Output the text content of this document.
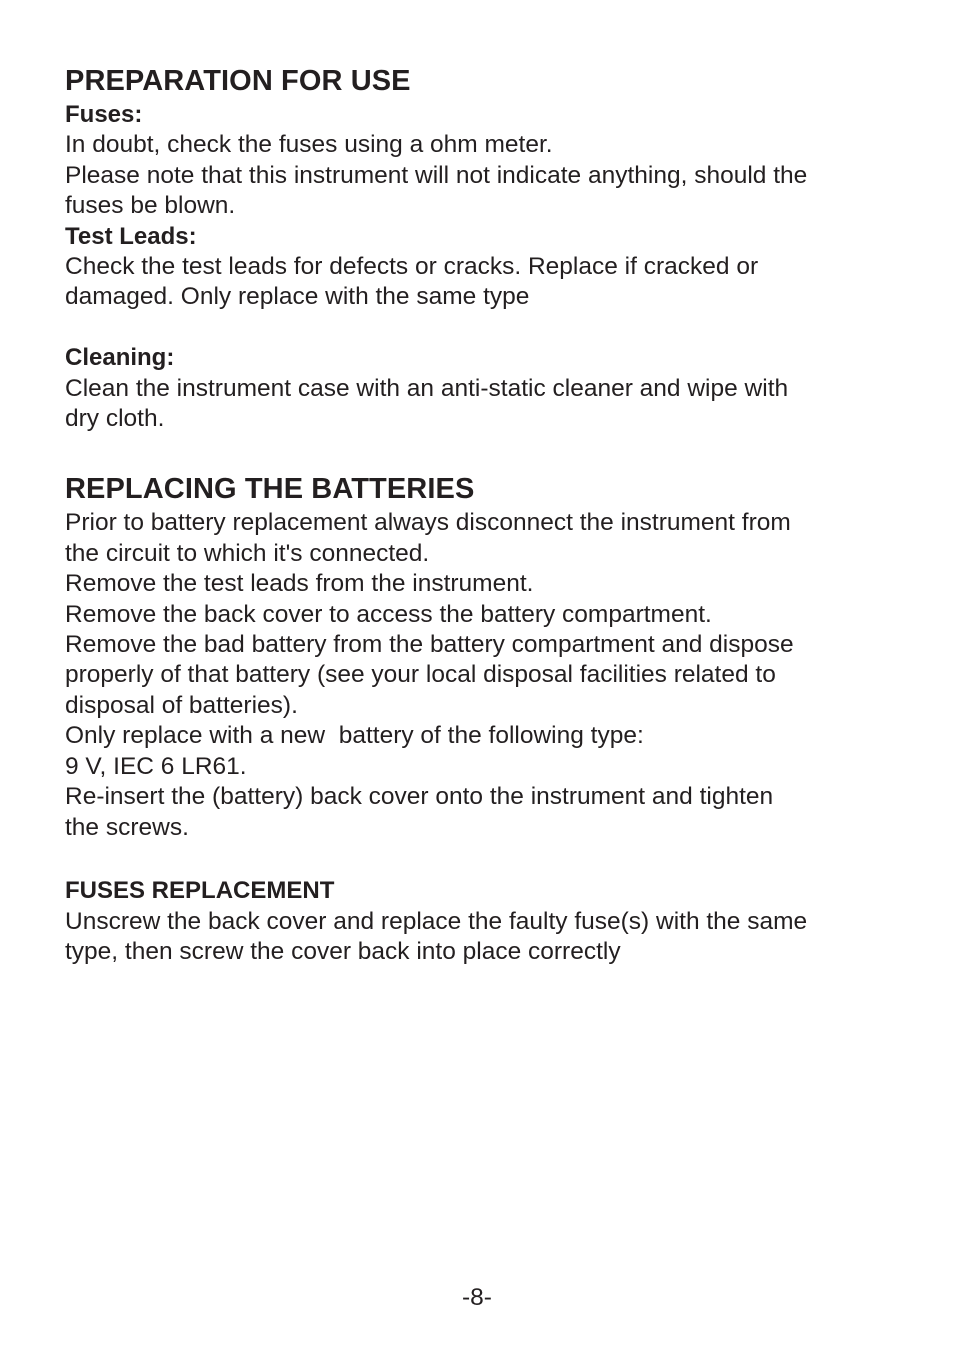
PREPARATION FOR USE
Fuses:

In doubt, check the fuses using a ohm meter.

Please note that this instrument will not indicate anything, should the

fuses be blown.

Test Leads:

Check the test leads for defects or cracks. Replace if cracked or

damaged. Only replace with the same type

Cleaning:

Clean the instrument case with an anti-static cleaner and wipe with

dry cloth.

REPLACING THE BATTERIES

Prior to battery replacement always disconnect the instrument from

the circuit to which it's connected.

Remove the test leads from the instrument.

Remove the back cover to access the battery compartment.

Remove the bad battery from the battery compartment and dispose

properly of that battery (see your local disposal facilities related to

disposal of batteries).

Only replace with a new  battery of the following type:

9 V, IEC 6 LR61.

Re-insert the (battery) back cover onto the instrument and tighten

the screws.

FUSES REPLACEMENT

Unscrew the back cover and replace the faulty fuse(s) with the same

type, then screw the cover back into place correctly

-8-
